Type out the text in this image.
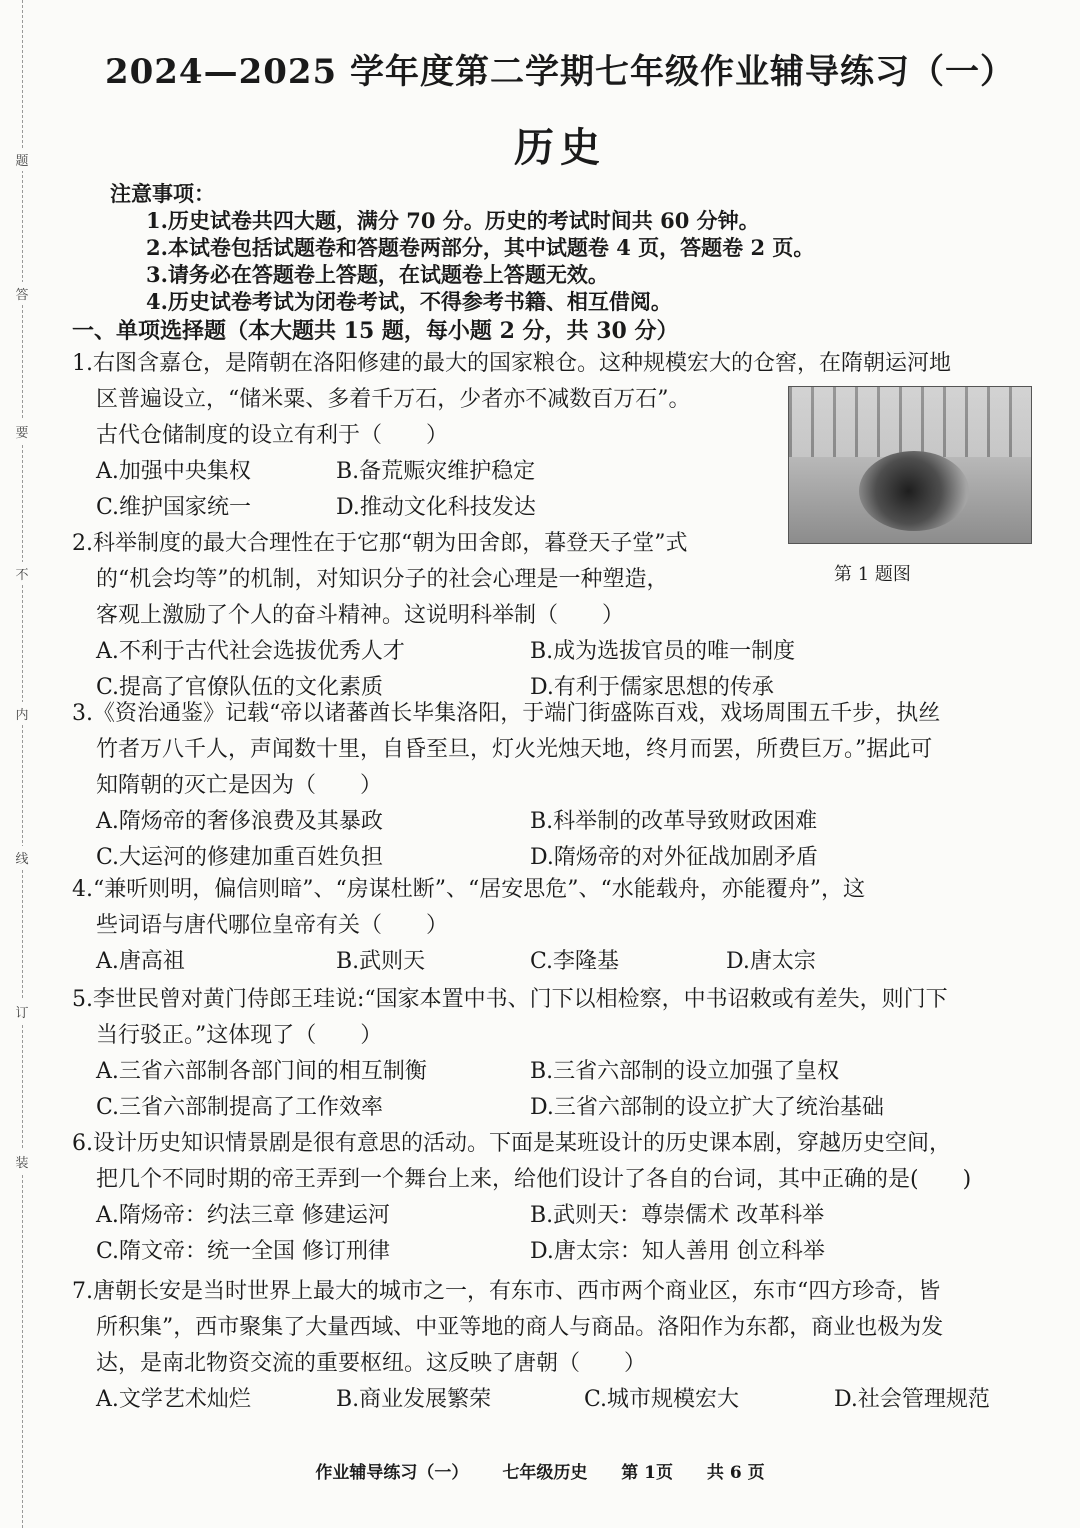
题
答
要
不
内
线
订
装
2024—2025 学年度第二学期七年级作业辅导练习（一）
历史
注意事项：
1.历史试卷共四大题，满分 70 分。历史的考试时间共 60 分钟。
2.本试卷包括试题卷和答题卷两部分，其中试题卷 4 页，答题卷 2 页。
3.请务必在答题卷上答题，在试题卷上答题无效。
4.历史试卷考试为闭卷考试，不得参考书籍、相互借阅。
一、单项选择题（本大题共 15 题，每小题 2 分，共 30 分）
1.右图含嘉仓，是隋朝在洛阳修建的最大的国家粮仓。这种规模宏大的仓窖，在隋朝运河地
区普遍设立，“储米粟、多着千万石，少者亦不减数百万石”。
古代仓储制度的设立有利于（　　）
A.加强中央集权	B.备荒赈灾维护稳定
C.维护国家统一	D.推动文化科技发达
第 1 题图
2.科举制度的最大合理性在于它那“朝为田舍郎，暮登天子堂”式
的“机会均等”的机制，对知识分子的社会心理是一种塑造，
客观上激励了个人的奋斗精神。这说明科举制（　　）
A.不利于古代社会选拔优秀人才	B.成为选拔官员的唯一制度
C.提高了官僚队伍的文化素质	D.有利于儒家思想的传承
3.《资治通鉴》记载“帝以诸蕃酋长毕集洛阳，于端门街盛陈百戏，戏场周围五千步，执丝
竹者万八千人，声闻数十里，自昏至旦，灯火光烛天地，终月而罢，所费巨万。”据此可
知隋朝的灭亡是因为（　　）
A.隋炀帝的奢侈浪费及其暴政	B.科举制的改革导致财政困难
C.大运河的修建加重百姓负担	D.隋炀帝的对外征战加剧矛盾
4.“兼听则明，偏信则暗”、“房谋杜断”、“居安思危”、“水能载舟，亦能覆舟”，这
些词语与唐代哪位皇帝有关（　　）
A.唐高祖	B.武则天	C.李隆基	D.唐太宗
5.李世民曾对黄门侍郎王珪说:“国家本置中书、门下以相检察，中书诏敕或有差失，则门下
当行驳正。”这体现了（　　）
A.三省六部制各部门间的相互制衡	B.三省六部制的设立加强了皇权
C.三省六部制提高了工作效率	D.三省六部制的设立扩大了统治基础
6.设计历史知识情景剧是很有意思的活动。下面是某班设计的历史课本剧，穿越历史空间，
把几个不同时期的帝王弄到一个舞台上来，给他们设计了各自的台词，其中正确的是(　　)
A.隋炀帝：约法三章 修建运河	B.武则天：尊崇儒术 改革科举
C.隋文帝：统一全国 修订刑律	D.唐太宗：知人善用 创立科举
7.唐朝长安是当时世界上最大的城市之一，有东市、西市两个商业区，东市“四方珍奇，皆
所积集”，西市聚集了大量西域、中亚等地的商人与商品。洛阳作为东都，商业也极为发
达，是南北物资交流的重要枢纽。这反映了唐朝（　　）
A.文学艺术灿烂	B.商业发展繁荣	C.城市规模宏大	D.社会管理规范
作业辅导练习（一） 七年级历史 第 1页 共 6 页
